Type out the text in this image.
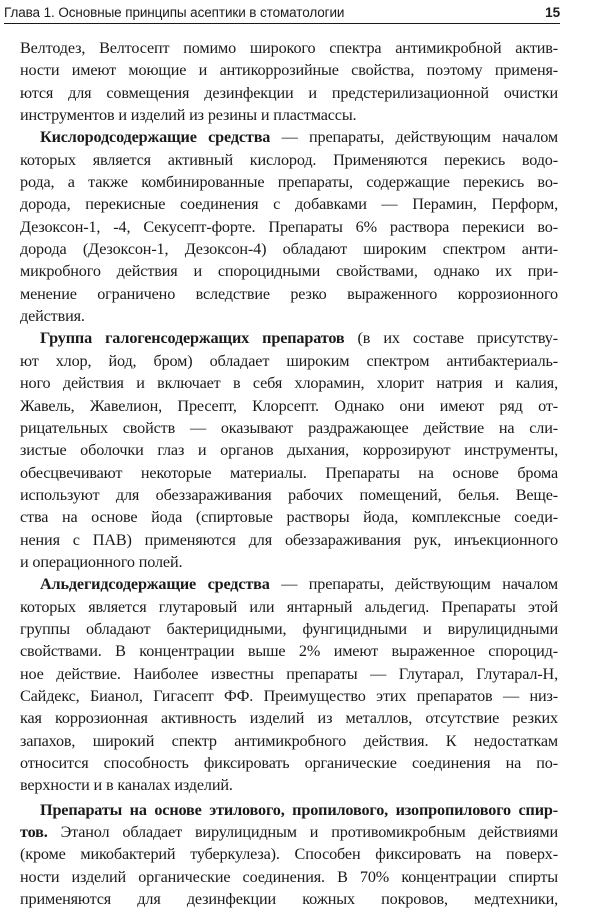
Глава 1. Основные принципы асептики в стоматологии	15
Велтодез, Велтосепт помимо широкого спектра антимикробной актив-
ности имеют моющие и антикоррозийные свойства, поэтому применя-
ются для совмещения дезинфекции и предстерилизационной очистки
инструментов и изделий из резины и пластмассы.
Кислородсодержащие средства — препараты, действующим началом
которых является активный кислород. Применяются перекись водо-
рода, а также комбинированные препараты, содержащие перекись во-
дорода, перекисные соединения с добавками — Перамин, Перформ,
Дезоксон-1, -4, Секусепт-форте. Препараты 6% раствора перекиси во-
дорода (Дезоксон-1, Дезоксон-4) обладают широким спектром анти-
микробного действия и спороцидными свойствами, однако их при-
менение ограничено вследствие резко выраженного коррозионного
действия.
Группа галогенсодержащих препаратов (в их составе присутству-
ют хлор, йод, бром) обладает широким спектром антибактериаль-
ного действия и включает в себя хлорамин, хлорит натрия и калия,
Жавель, Жавелион, Пресепт, Клорсепт. Однако они имеют ряд от-
рицательных свойств — оказывают раздражающее действие на сли-
зистые оболочки глаз и органов дыхания, коррозируют инструменты,
обесцвечивают некоторые материалы. Препараты на основе брома
используют для обеззараживания рабочих помещений, белья. Веще-
ства на основе йода (спиртовые растворы йода, комплексные соеди-
нения с ПАВ) применяются для обеззараживания рук, инъекционного
и операционного полей.
Альдегидсодержащие средства — препараты, действующим началом
которых является глутаровый или янтарный альдегид. Препараты этой
группы обладают бактерицидными, фунгицидными и вирулицидными
свойствами. В концентрации выше 2% имеют выраженное спороцид-
ное действие. Наиболее известны препараты — Глутарал, Глутарал-Н,
Сайдекс, Бианол, Гигасепт ФФ. Преимущество этих препаратов — низ-
кая коррозионная активность изделий из металлов, отсутствие резких
запахов, широкий спектр антимикробного действия. К недостаткам
относится способность фиксировать органические соединения на по-
верхности и в каналах изделий.
Препараты на основе этилового, пропилового, изопропилового спир-
тов. Этанол обладает вирулицидным и противомикробным действиями
(кроме микобактерий туберкулеза). Способен фиксировать на поверх-
ности изделий органические соединения. В 70% концентрации спирты
применяются для дезинфекции кожных покровов, медтехники,
